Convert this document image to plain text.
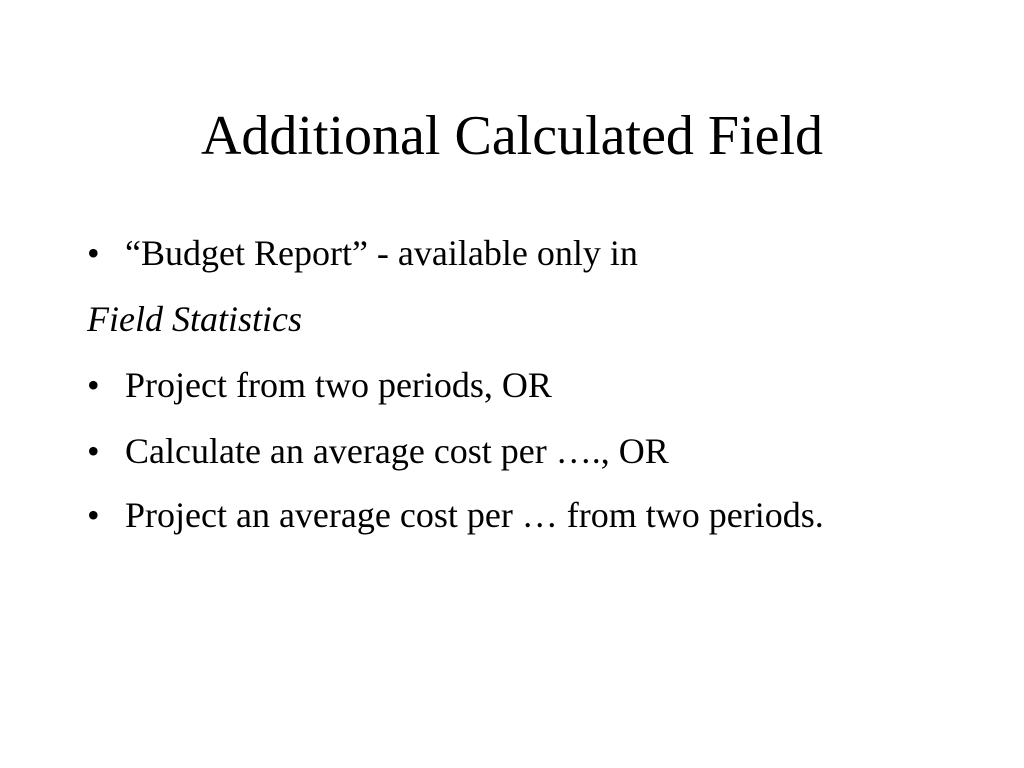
Additional Calculated Field
• “Budget Report” - available only in
Field Statistics
• Project from two periods, OR
• Calculate an average cost per …., OR
• Project an average cost per … from two periods.
